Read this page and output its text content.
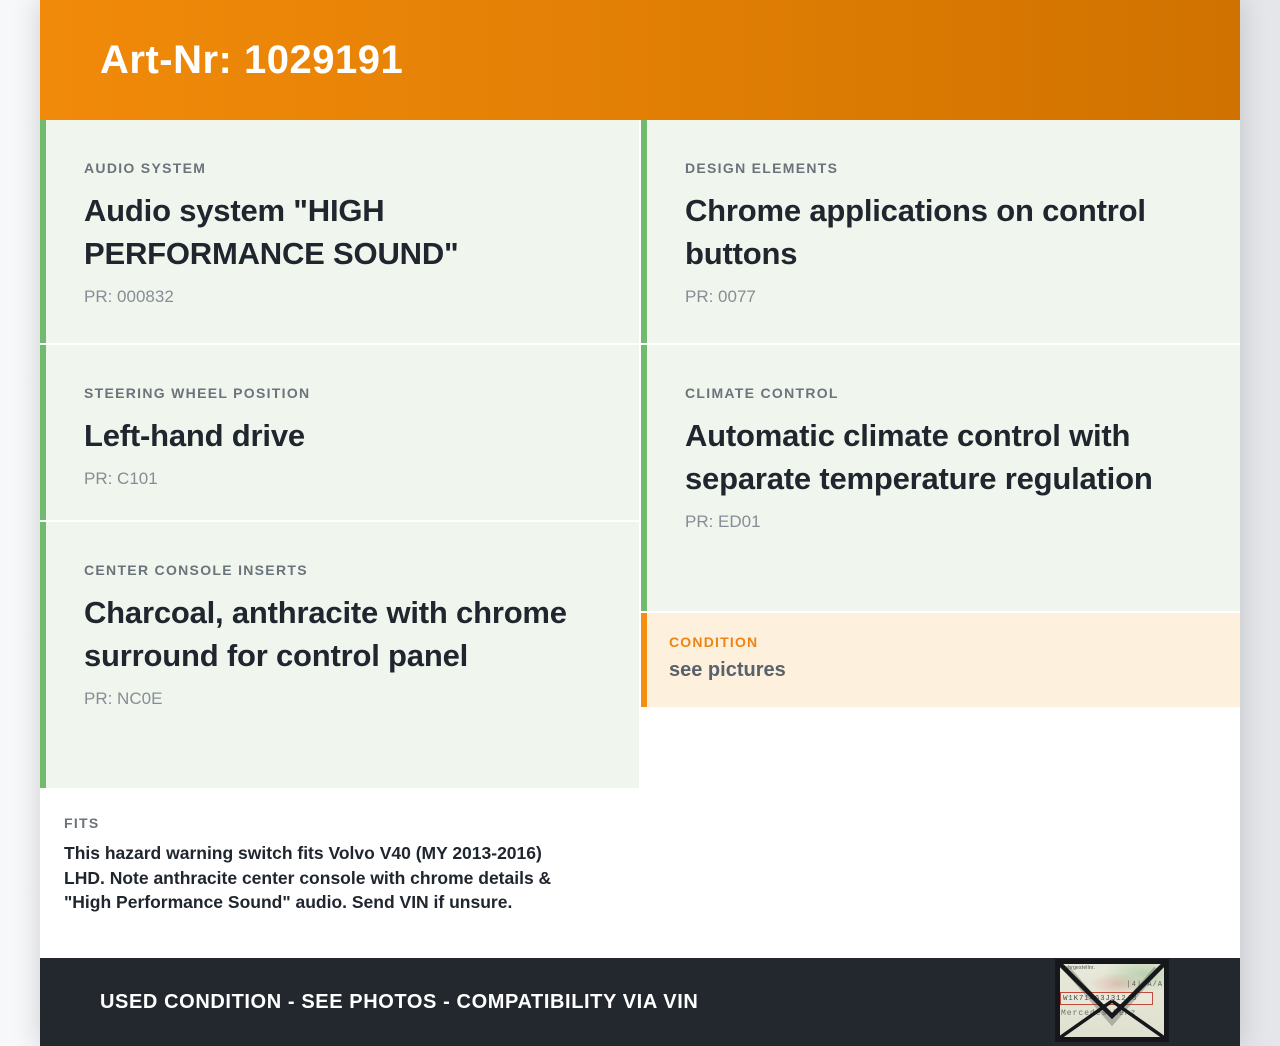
Art-Nr: 1029191
AUDIO SYSTEM
Audio system "HIGH PERFORMANCE SOUND"
PR: 000832
STEERING WHEEL POSITION
Left-hand drive
PR: C101
CENTER CONSOLE INSERTS
Charcoal, anthracite with chrome surround for control panel
PR: NC0E
FITS
This hazard warning switch fits Volvo V40 (MY 2013-2016) LHD. Note anthracite center console with chrome details & "High Performance Sound" audio. Send VIN if unsure.
DESIGN ELEMENTS
Chrome applications on control buttons
PR: 0077
CLIMATE CONTROL
Automatic climate control with separate temperature regulation
PR: ED01
CONDITION
see pictures
USED CONDITION - SEE PHOTOS - COMPATIBILITY VIA VIN
Fahrgestellnr.
|4| A/A
W1K71463J31248	7
Mercedes-Benz
